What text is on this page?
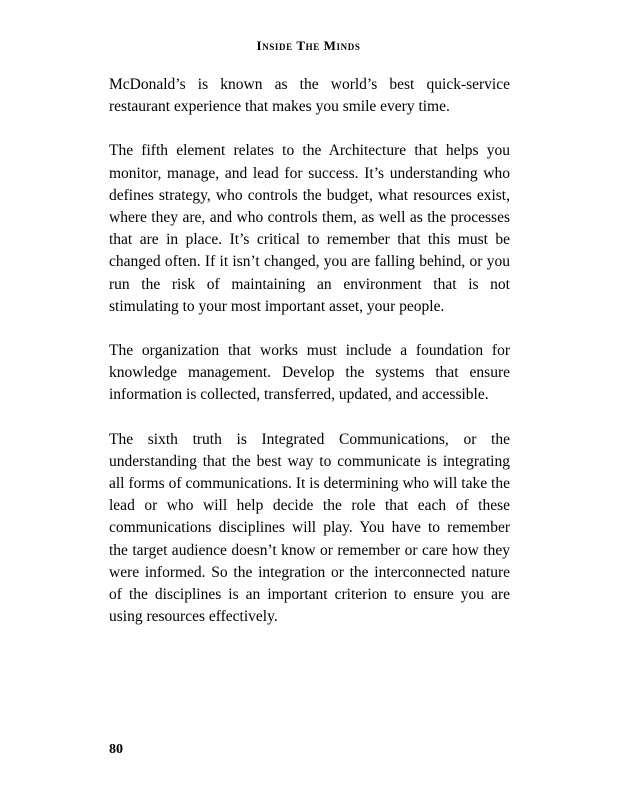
Inside The Minds

McDonald’s is known as the world’s best quick-service restaurant experience that makes you smile every time.

The fifth element relates to the Architecture that helps you monitor, manage, and lead for success. It’s understanding who defines strategy, who controls the budget, what resources exist, where they are, and who controls them, as well as the processes that are in place. It’s critical to remember that this must be changed often. If it isn’t changed, you are falling behind, or you run the risk of maintaining an environment that is not stimulating to your most important asset, your people.

The organization that works must include a foundation for knowledge management. Develop the systems that ensure information is collected, transferred, updated, and accessible.

The sixth truth is Integrated Communications, or the understanding that the best way to communicate is integrating all forms of communications. It is determining who will take the lead or who will help decide the role that each of these communications disciplines will play. You have to remember the target audience doesn’t know or remember or care how they were informed. So the integration or the interconnected nature of the disciplines is an important criterion to ensure you are using resources effectively.

80
